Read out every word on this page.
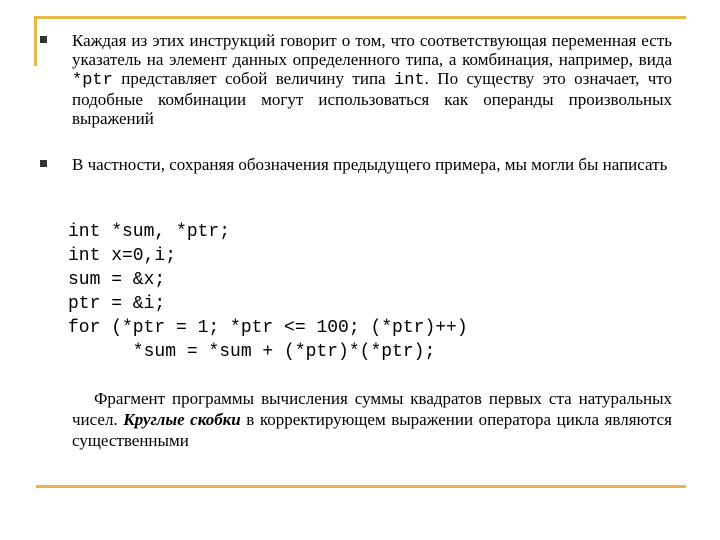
Каждая из этих инструкций говорит о том, что соответствующая переменная есть указатель на элемент данных определенного типа, а комбинация, например, вида *ptr представляет собой величину типа int. По существу это означает, что подобные комбинации могут использоваться как операнды произвольных выражений
В частности, сохраняя обозначения предыдущего примера, мы могли бы написать
int *sum, *ptr;
int x=0,i;
sum = &x;
ptr = &i;
for (*ptr = 1; *ptr <= 100; (*ptr)++)
*sum = *sum + (*ptr)*(*ptr);
Фрагмент программы вычисления суммы квадратов первых ста натуральных чисел. Круглые скобки в корректирующем выражении оператора цикла являются существенными
